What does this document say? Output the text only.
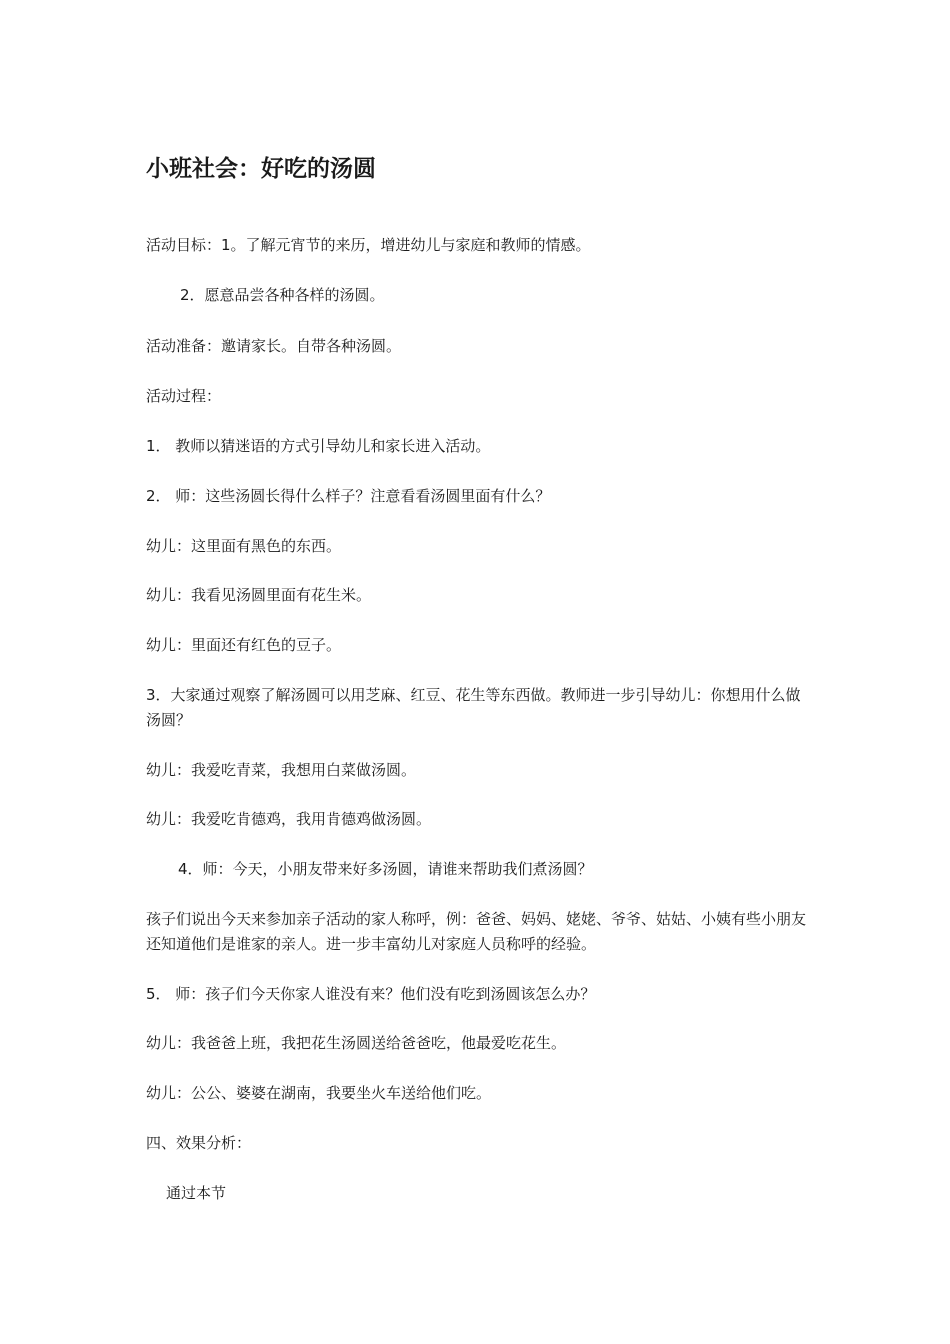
小班社会：好吃的汤圆

活动目标：1。了解元宵节的来历，增进幼儿与家庭和教师的情感。

2．愿意品尝各种各样的汤圆。

活动准备：邀请家长。自带各种汤圆。

活动过程：

1． 教师以猜迷语的方式引导幼儿和家长进入活动。

2． 师：这些汤圆长得什么样子？注意看看汤圆里面有什么？

幼儿：这里面有黑色的东西。

幼儿：我看见汤圆里面有花生米。

幼儿：里面还有红色的豆子。

3．大家通过观察了解汤圆可以用芝麻、红豆、花生等东西做。教师进一步引导幼儿：你想用什么做汤圆？

幼儿：我爱吃青菜，我想用白菜做汤圆。

幼儿：我爱吃肯德鸡，我用肯德鸡做汤圆。

4．师：今天，小朋友带来好多汤圆，请谁来帮助我们煮汤圆？

孩子们说出今天来参加亲子活动的家人称呼，例：爸爸、妈妈、姥姥、爷爷、姑姑、小姨有些小朋友还知道他们是谁家的亲人。进一步丰富幼儿对家庭人员称呼的经验。

5． 师：孩子们今天你家人谁没有来？他们没有吃到汤圆该怎么办？

幼儿：我爸爸上班，我把花生汤圆送给爸爸吃，他最爱吃花生。

幼儿：公公、婆婆在湖南，我要坐火车送给他们吃。

四、效果分析：

通过本节
